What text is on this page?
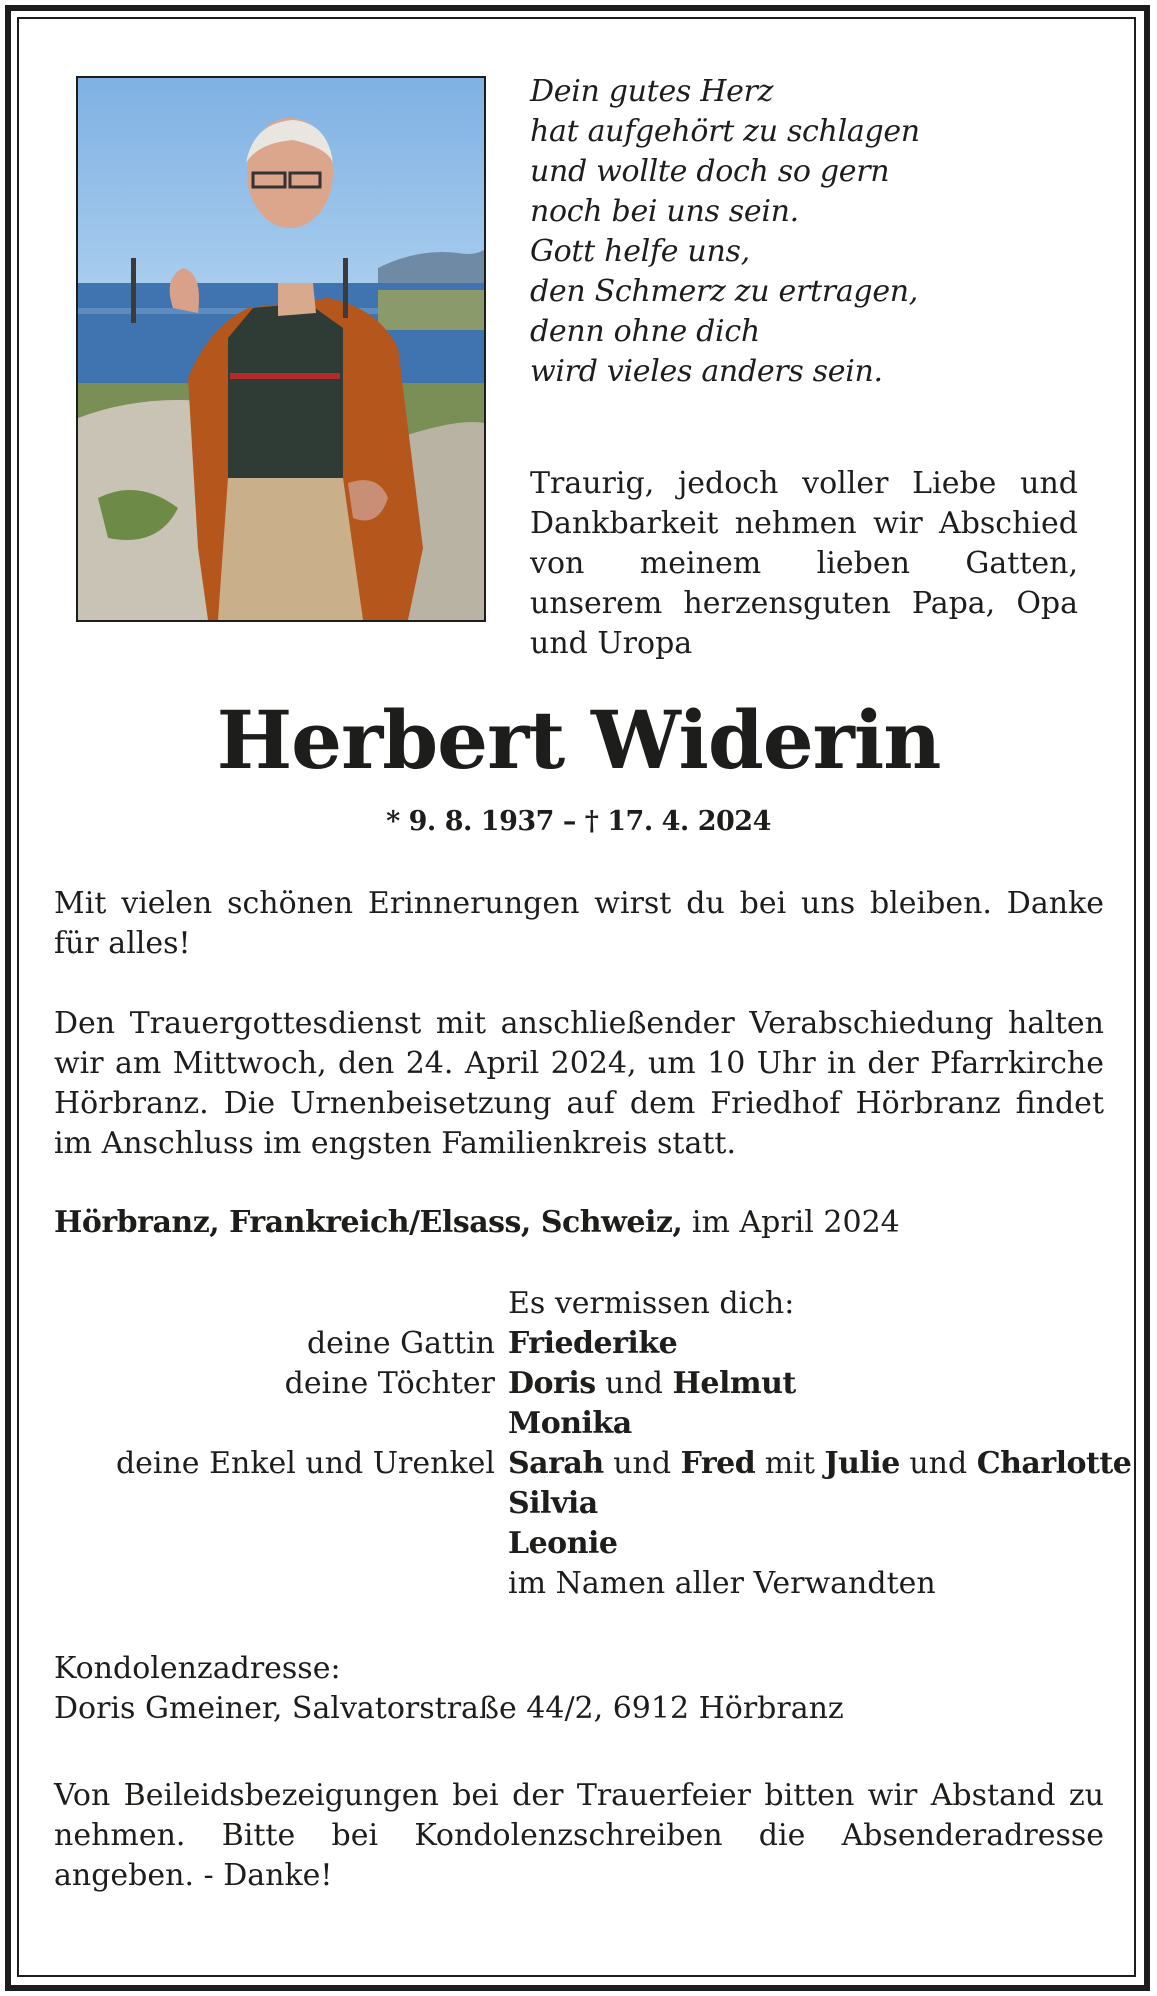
Dein gutes Herz
hat aufgehört zu schlagen
und wollte doch so gern
noch bei uns sein.
Gott helfe uns,
den Schmerz zu ertragen,
denn ohne dich
wird vieles anders sein.
Traurig, jedoch voller Liebe und Dankbarkeit nehmen wir Abschied von meinem lieben Gatten, unserem herzensguten Papa, Opa und Uropa
Herbert Widerin
* 9. 8. 1937 – † 17. 4. 2024
Mit vielen schönen Erinnerungen wirst du bei uns bleiben. Danke für alles!
Den Trauergottesdienst mit anschließender Verabschiedung halten wir am Mittwoch, den 24. April 2024, um 10 Uhr in der Pfarrkirche Hörbranz. Die Urnenbeisetzung auf dem Friedhof Hörbranz findet im Anschluss im engsten Familienkreis statt.
Hörbranz, Frankreich/Elsass, Schweiz, im April 2024
Es vermissen dich:
deine Gattin Friederike
deine Töchter Doris und Helmut
Monika
deine Enkel und Urenkel Sarah und Fred mit Julie und Charlotte
Silvia
Leonie
im Namen aller Verwandten
Kondolenzadresse:
Doris Gmeiner, Salvatorstraße 44/2, 6912 Hörbranz
Von Beileidsbezeigungen bei der Trauerfeier bitten wir Abstand zu nehmen. Bitte bei Kondolenzschreiben die Absenderadresse angeben. - Danke!
